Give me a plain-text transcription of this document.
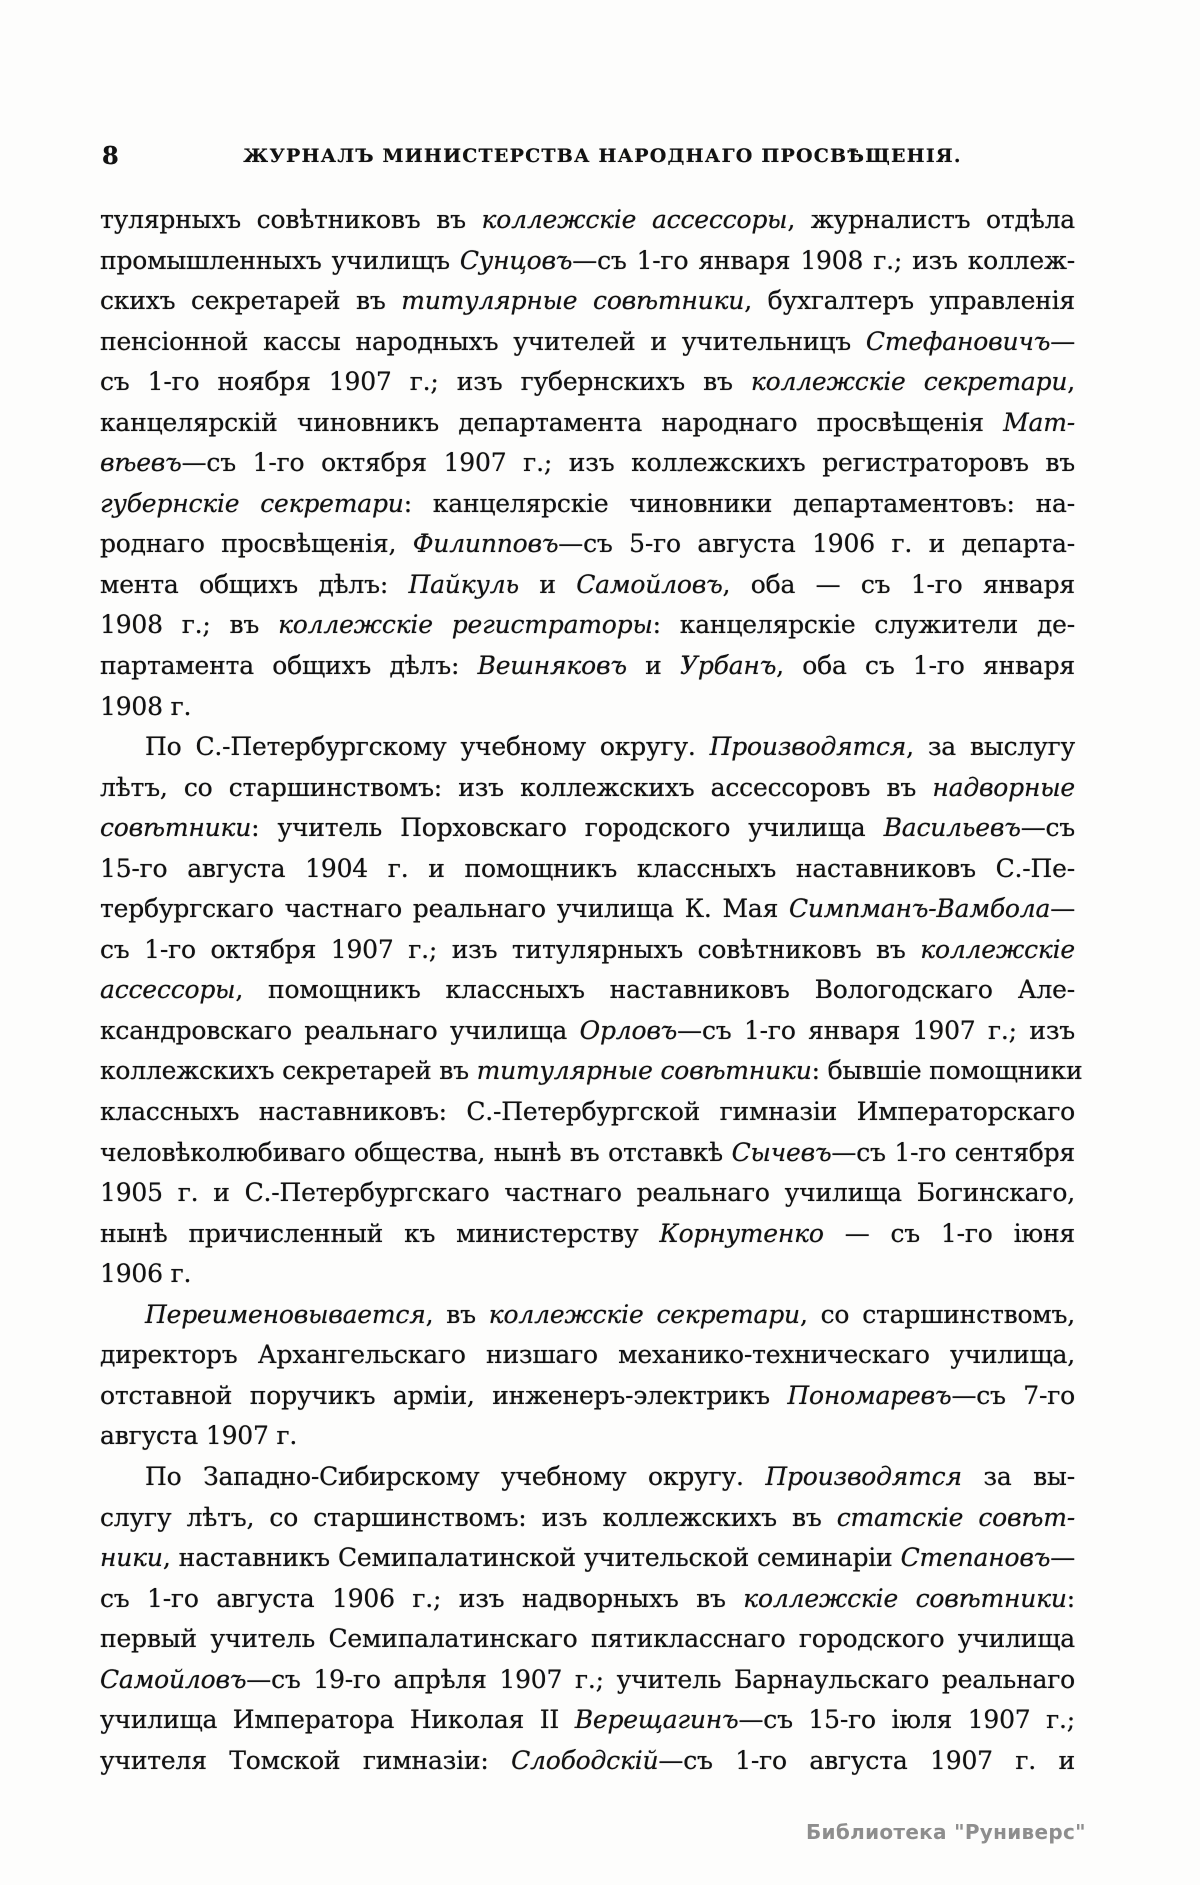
8	ЖУРНАЛЪ МИНИСТЕРСТВА НАРОДНАГО ПРОСВѢЩЕНІЯ.
тулярныхъ совѣтниковъ въ коллежскіе ассессоры, журналистъ отдѣла
промышленныхъ училищъ Сунцовъ—съ 1-го января 1908 г.; изъ коллеж-
скихъ секретарей въ титулярные совѣтники, бухгалтеръ управленія
пенсіонной кассы народныхъ учителей и учительницъ Стефановичъ—
съ 1-го ноября 1907 г.; изъ губернскихъ въ коллежскіе секретари,
канцелярскій чиновникъ департамента народнаго просвѣщенія Мат-
вѣевъ—съ 1-го октября 1907 г.; изъ коллежскихъ регистраторовъ въ
губернскіе секретари: канцелярскіе чиновники департаментовъ: на-
роднаго просвѣщенія, Филипповъ—съ 5-го августа 1906 г. и департа-
мента общихъ дѣлъ: Пайкуль и Самойловъ, оба — съ 1-го января
1908 г.; въ коллежскіе регистраторы: канцелярскіе служители де-
партамента общихъ дѣлъ: Вешняковъ и Урбанъ, оба съ 1-го января
1908 г.
По С.-Петербургскому учебному округу. Производятся, за выслугу
лѣтъ, со старшинствомъ: изъ коллежскихъ ассессоровъ въ надворные
совѣтники: учитель Порховскаго городского училища Васильевъ—съ
15-го августа 1904 г. и помощникъ классныхъ наставниковъ С.-Пе-
тербургскаго частнаго реальнаго училища К. Мая Симпманъ-Вамбола—
съ 1-го октября 1907 г.; изъ титулярныхъ совѣтниковъ въ коллежскіе
ассессоры, помощникъ классныхъ наставниковъ Вологодскаго Але-
ксандровскаго реальнаго училища Орловъ—съ 1-го января 1907 г.; изъ
коллежскихъ секретарей въ титулярные совѣтники: бывшіе помощники
классныхъ наставниковъ: С.-Петербургской гимназіи Императорскаго
человѣколюбиваго общества, нынѣ въ отставкѣ Сычевъ—съ 1-го сентября
1905 г. и С.-Петербургскаго частнаго реальнаго училища Богинскаго,
нынѣ причисленный къ министерству Корнутенко — съ 1-го іюня
1906 г.
Переименовывается, въ коллежскіе секретари, со старшинствомъ,
директоръ Архангельскаго низшаго механико-техническаго училища,
отставной поручикъ арміи, инженеръ-электрикъ Пономаревъ—съ 7-го
августа 1907 г.
По Западно-Сибирскому учебному округу. Производятся за вы-
слугу лѣтъ, со старшинствомъ: изъ коллежскихъ въ статскіе совѣт-
ники, наставникъ Семипалатинской учительской семинаріи Степановъ—
съ 1-го августа 1906 г.; изъ надворныхъ въ коллежскіе совѣтники:
первый учитель Семипалатинскаго пятикласснаго городского училища
Самойловъ—съ 19-го апрѣля 1907 г.; учитель Барнаульскаго реальнаго
училища Императора Николая II Верещагинъ—съ 15-го іюля 1907 г.;
учителя Томской гимназіи: Слободскій—съ 1-го августа 1907 г. и
Библиотека "Руниверс"
